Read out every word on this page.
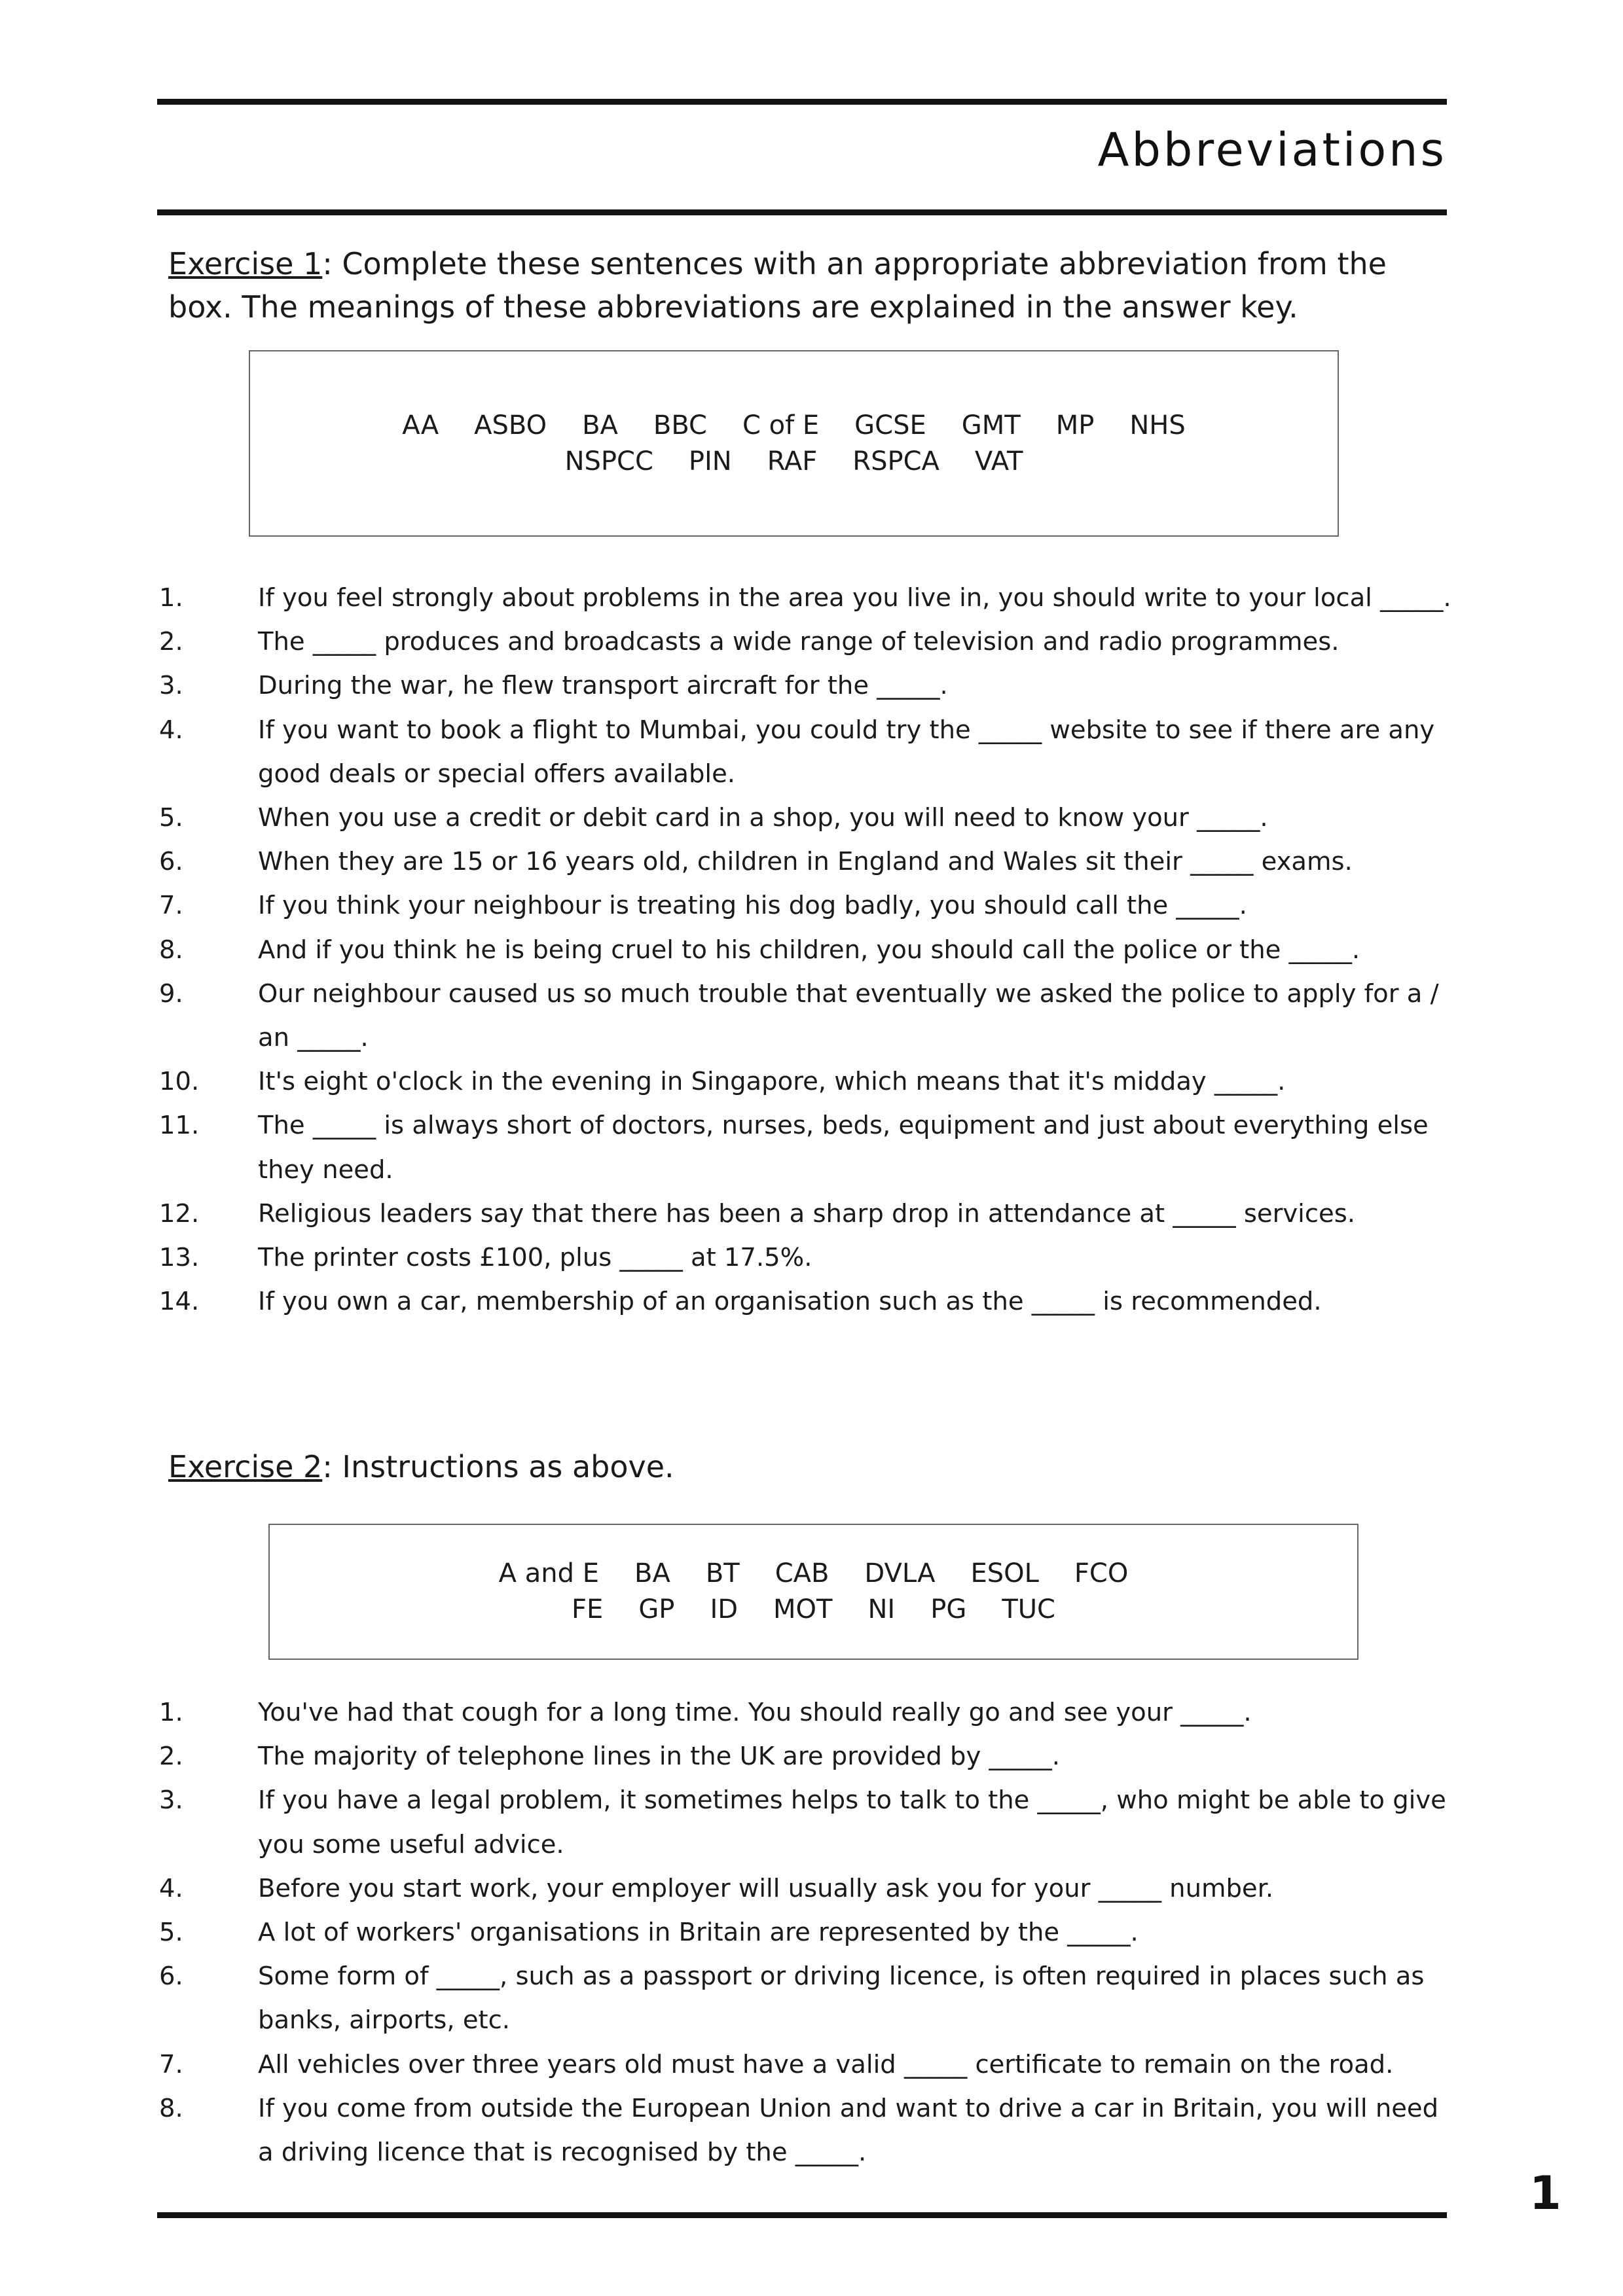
Abbreviations
Exercise 1: Complete these sentences with an appropriate abbreviation from the box. The meanings of these abbreviations are explained in the answer key.
AA ASBO BA BBC C of E GCSE GMT MP NHS
NSPCC PIN RAF RSPCA VAT
1.	If you feel strongly about problems in the area you live in, you should write to your local _____.
2.	The _____ produces and broadcasts a wide range of television and radio programmes.
3.	During the war, he flew transport aircraft for the _____.
4.	If you want to book a flight to Mumbai, you could try the _____ website to see if there are any good deals or special offers available.
5.	When you use a credit or debit card in a shop, you will need to know your _____.
6.	When they are 15 or 16 years old, children in England and Wales sit their _____ exams.
7.	If you think your neighbour is treating his dog badly, you should call the _____.
8.	And if you think he is being cruel to his children, you should call the police or the _____.
9.	Our neighbour caused us so much trouble that eventually we asked the police to apply for a / an _____.
10. It's eight o'clock in the evening in Singapore, which means that it's midday _____.
11. The _____ is always short of doctors, nurses, beds, equipment and just about everything else they need.
12. Religious leaders say that there has been a sharp drop in attendance at _____ services.
13. The printer costs £100, plus _____ at 17.5%.
14. If you own a car, membership of an organisation such as the _____ is recommended.
Exercise 2: Instructions as above.
A and E BA BT CAB DVLA ESOL FCO
FE GP ID MOT NI PG TUC
1.	You've had that cough for a long time. You should really go and see your _____.
2.	The majority of telephone lines in the UK are provided by _____.
3.	If you have a legal problem, it sometimes helps to talk to the _____, who might be able to give you some useful advice.
4.	Before you start work, your employer will usually ask you for your _____ number.
5.	A lot of workers' organisations in Britain are represented by the _____.
6.	Some form of _____, such as a passport or driving licence, is often required in places such as banks, airports, etc.
7.	All vehicles over three years old must have a valid _____ certificate to remain on the road.
8.	If you come from outside the European Union and want to drive a car in Britain, you will need a driving licence that is recognised by the _____.
1
